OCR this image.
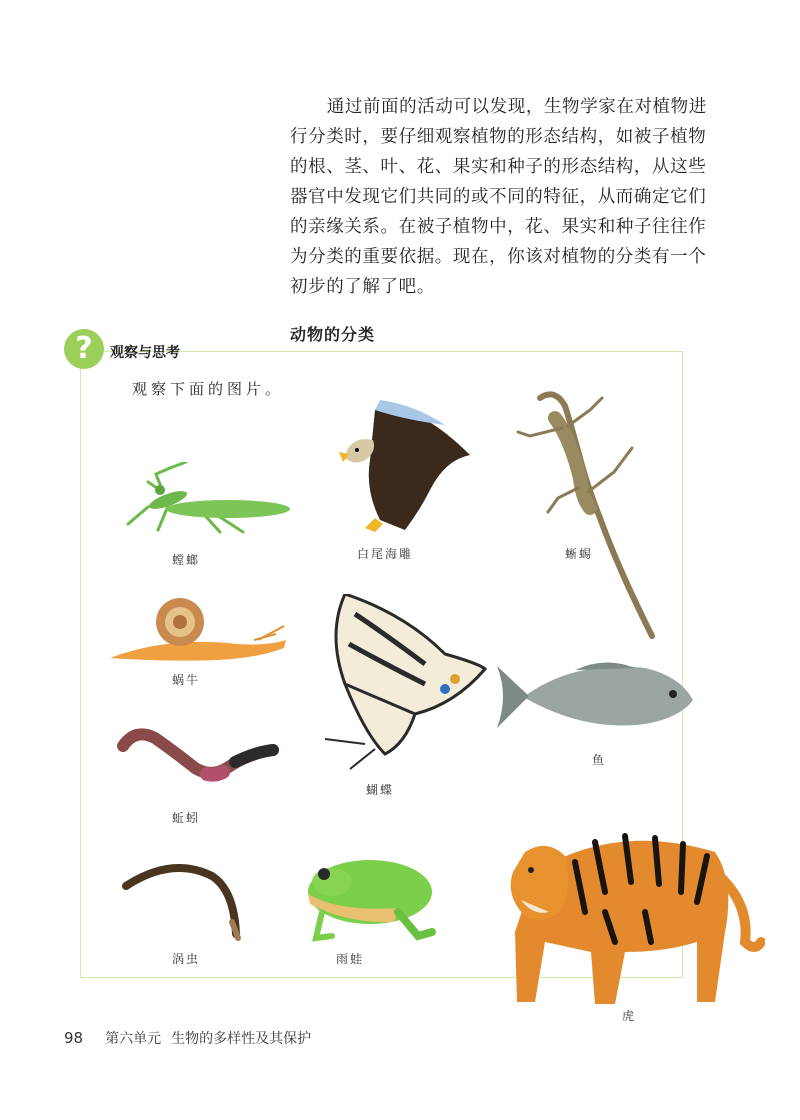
通过前面的活动可以发现，生物学家在对植物进行分类时，要仔细观察植物的形态结构，如被子植物的根、茎、叶、花、果实和种子的形态结构，从这些器官中发现它们共同的或不同的特征，从而确定它们的亲缘关系。在被子植物中，花、果实和种子往往作为分类的重要依据。现在，你该对植物的分类有一个初步的了解了吧。

动物的分类
?	观察与思考
观察下面的图片。
螳螂	白尾海雕	蜥蜴
蜗牛
蝴蝶
鱼
蚯蚓
涡虫	雨蛙
虎
98 第六单元 生物的多样性及其保护
